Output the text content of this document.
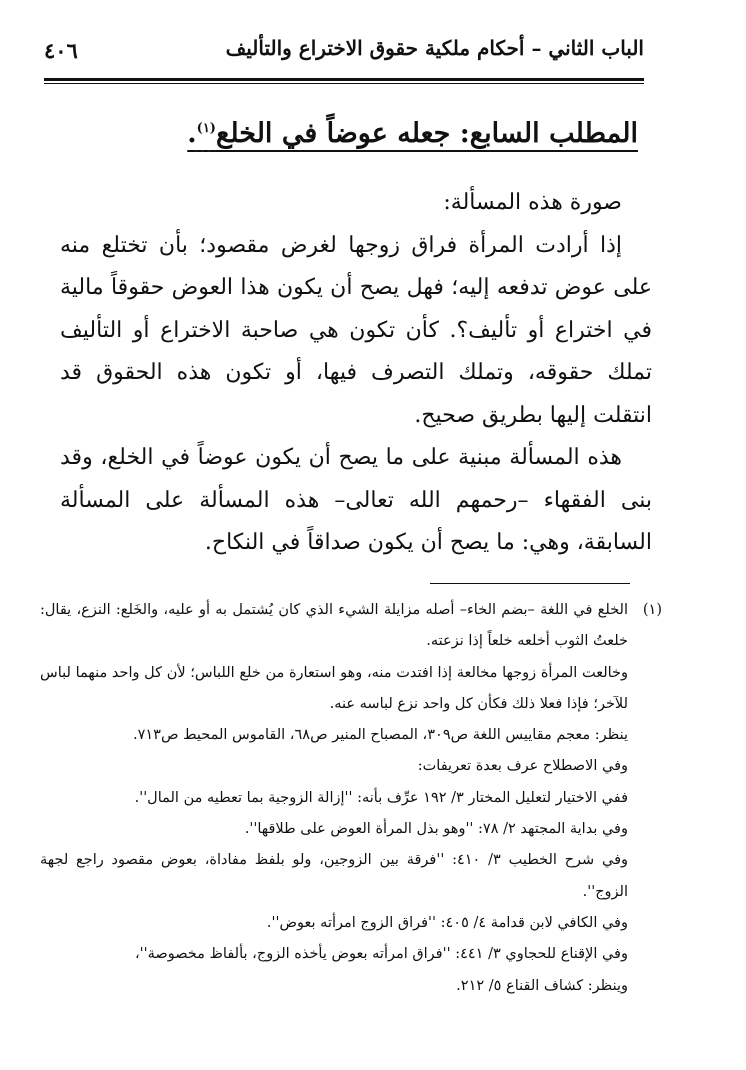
الباب الثاني – أحكام ملكية حقوق الاختراع والتأليف
٤٠٦
المطلب السابع: جعله عوضاً في الخلع$^{(١)}$.

صورة هذه المسألة:

إذا أرادت المرأة فراق زوجها لغرض مقصود؛ بأن تختلع منه على عوض تدفعه إليه؛ فهل يصح أن يكون هذا العوض حقوقاً مالية في اختراع أو تأليف؟. كأن تكون هي صاحبة الاختراع أو التأليف تملك حقوقه، وتملك التصرف فيها، أو تكون هذه الحقوق قد انتقلت إليها بطريق صحيح.

هذه المسألة مبنية على ما يصح أن يكون عوضاً في الخلع، وقد بنى الفقهاء –رحمهم الله تعالى– هذه المسألة على المسألة السابقة، وهي: ما يصح أن يكون صداقاً في النكاح.

(١)

الخلع في اللغة –بضم الخاء– أصله مزايلة الشيء الذي كان يُشتمل به أو عليه، والخَلع: النزع، يقال: خلعتُ الثوب أخلعه خلعاً إذا نزعته.

وخالعت المرأة زوجها مخالعة إذا افتدت منه، وهو استعارة من خلع اللباس؛ لأن كل واحد منهما لباس للآخر؛ فإذا فعلا ذلك فكأن كل واحد نزع لباسه عنه.

ينظر: معجم مقاييس اللغة ص٣٠٩، المصباح المنير ص٦٨، القاموس المحيط ص٧١٣.

وفي الاصطلاح عرف بعدة تعريفات:

ففي الاختيار لتعليل المختار ٣/ ١٩٢ عرِّف بأنه: ''إزالة الزوجية بما تعطيه من المال''.

وفي بداية المجتهد ٢/ ٧٨: ''وهو بذل المرأة العوض على طلاقها''.

وفي شرح الخطيب ٣/ ٤١٠: ''فرقة بين الزوجين، ولو بلفظ مفاداة، بعوض مقصود راجع لجهة الزوج''.

وفي الكافي لابن قدامة ٤/ ٤٠٥: ''فراق الزوج امرأته بعوض''.

وفي الإقناع للحجاوي ٣/ ٤٤١: ''فراق امرأته بعوض يأخذه الزوج، بألفاظ مخصوصة''،

وينظر: كشاف القناع ٥/ ٢١٢.
